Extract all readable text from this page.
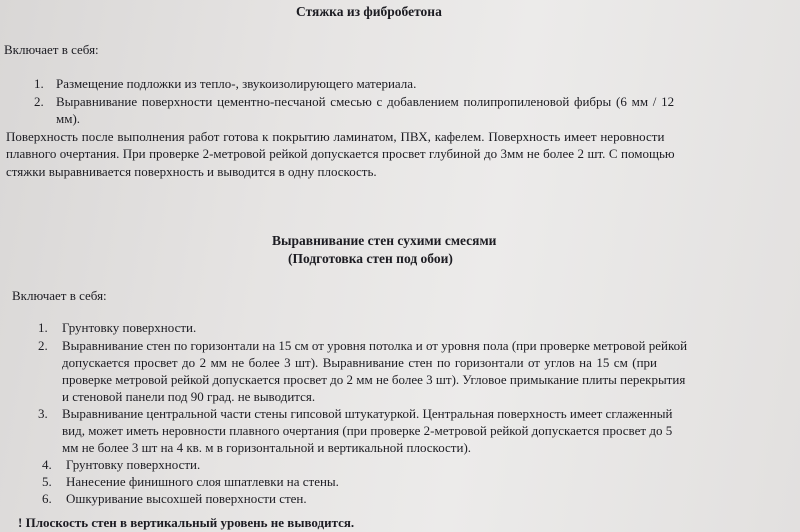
Стяжка из фибробетона
Включает в себя:
1. Размещение подложки из тепло-, звукоизолирующего материала.
2. Выравнивание поверхности цементно-песчаной смесью с добавлением полипропиленовой фибры (6 мм / 12
мм).
Поверхность после выполнения работ готова к покрытию ламинатом, ПВХ, кафелем. Поверхность имеет неровности
плавного очертания. При проверке 2-метровой рейкой допускается просвет глубиной до 3мм не более 2 шт. С помощью
стяжки выравнивается поверхность и выводится в одну плоскость.
Выравнивание стен сухими смесями
(Подготовка стен под обои)
Включает в себя:
1. Грунтовку поверхности.
2. Выравнивание стен по горизонтали на 15 см от уровня потолка и от уровня пола (при проверке метровой рейкой
допускается просвет до 2 мм не более 3 шт). Выравнивание стен по горизонтали от углов на 15 см (при
проверке метровой рейкой допускается просвет до 2 мм не более 3 шт). Угловое примыкание плиты перекрытия
и стеновой панели под 90 град. не выводится.
3. Выравнивание центральной части стены гипсовой штукатуркой. Центральная поверхность имеет сглаженный
вид, может иметь неровности плавного очертания (при проверке 2-метровой рейкой допускается просвет до 5
мм не более 3 шт на 4 кв. м в горизонтальной и вертикальной плоскости).
4. Грунтовку поверхности.
5. Нанесение финишного слоя шпатлевки на стены.
6. Ошкуривание высохшей поверхности стен.
! Плоскость стен в вертикальный уровень не выводится.
